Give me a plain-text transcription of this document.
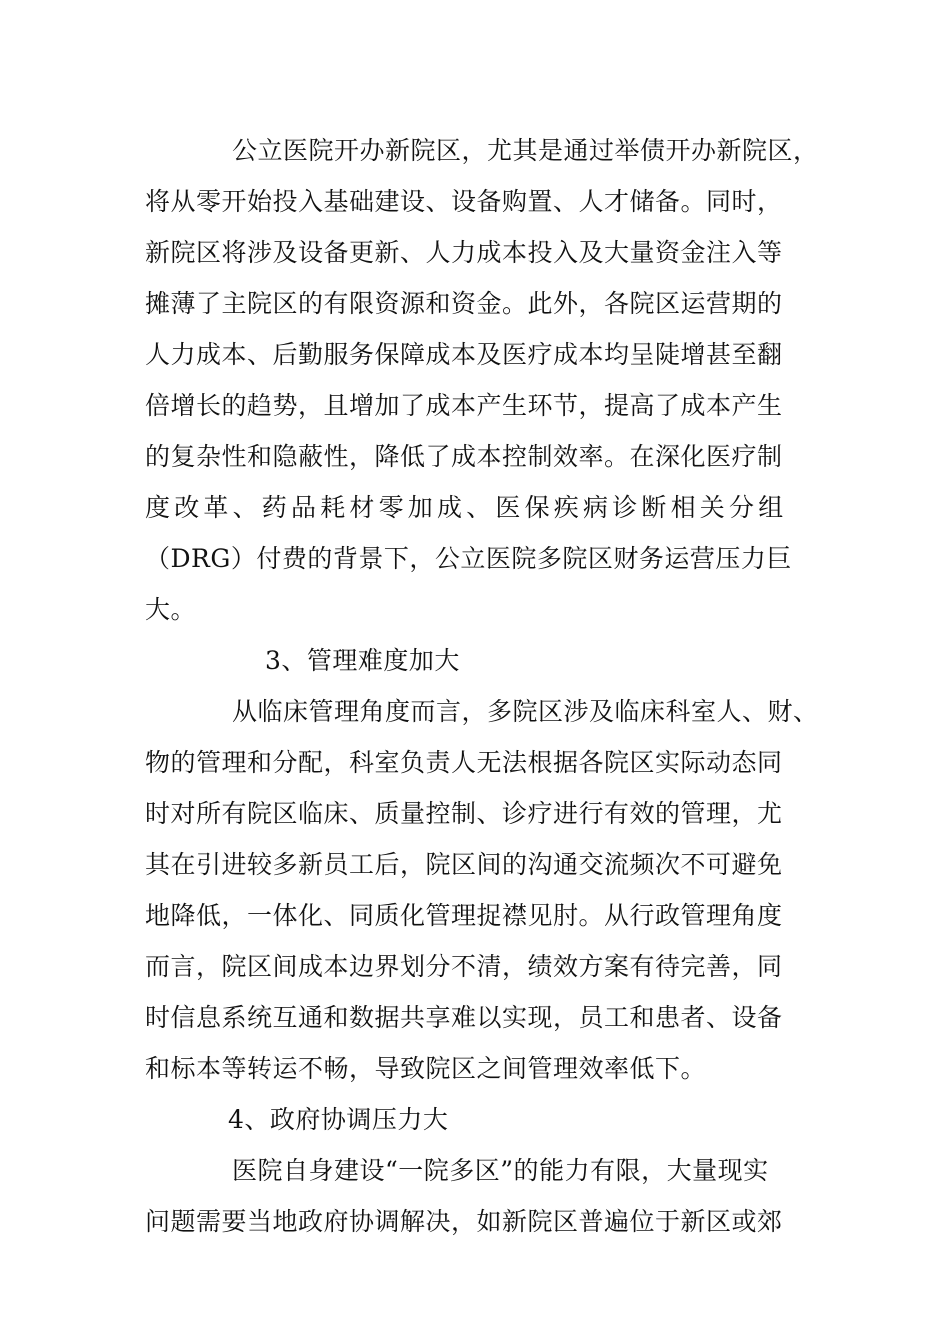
公立医院开办新院区，尤其是通过举债开办新院区，
将从零开始投入基础建设、设备购置、人才储备。同时，
新院区将涉及设备更新、人力成本投入及大量资金注入等
摊薄了主院区的有限资源和资金。此外，各院区运营期的
人力成本、后勤服务保障成本及医疗成本均呈陡增甚至翻
倍增长的趋势，且增加了成本产生环节，提高了成本产生
的复杂性和隐蔽性，降低了成本控制效率。在深化医疗制
度改革、药品耗材零加成、医保疾病诊断相关分组
（DRG）付费的背景下，公立医院多院区财务运营压力巨
大。
3、管理难度加大
从临床管理角度而言，多院区涉及临床科室人、财、
物的管理和分配，科室负责人无法根据各院区实际动态同
时对所有院区临床、质量控制、诊疗进行有效的管理，尤
其在引进较多新员工后，院区间的沟通交流频次不可避免
地降低，一体化、同质化管理捉襟见肘。从行政管理角度
而言，院区间成本边界划分不清，绩效方案有待完善，同
时信息系统互通和数据共享难以实现，员工和患者、设备
和标本等转运不畅，导致院区之间管理效率低下。
4、政府协调压力大
医院自身建设“一院多区”的能力有限，大量现实
问题需要当地政府协调解决，如新院区普遍位于新区或郊
